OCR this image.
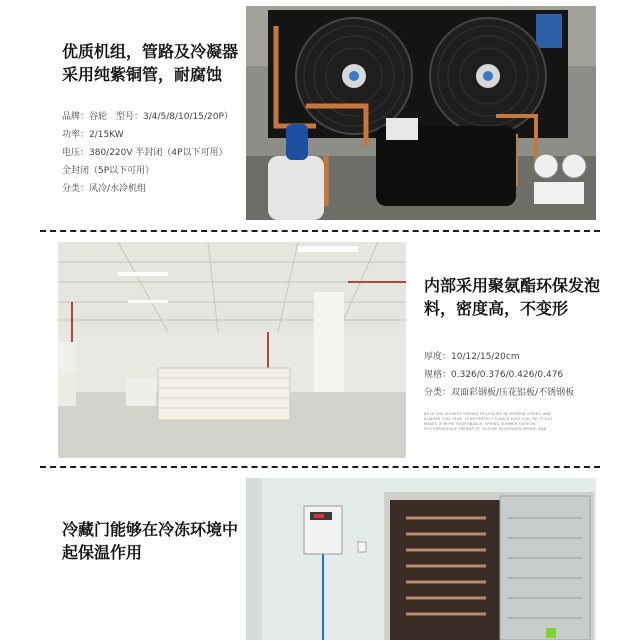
优质机组，管路及冷凝器采用纯紫铜管，耐腐蚀
品牌：谷轮　型号：3/4/5/8/10/15/20P）
功率：2/15KW
电压：380/220V 半封闭（4P以下可用）
全封闭（5P以下可用）
分类：风冷/水冷机组
内部采用聚氨酯环保发泡料，密度高，不变形
厚度：10/12/15/20cm
规格：0.326/0.376/0.426/0.476
分类：双面彩钢板/压花铝板/不锈钢板
BE IN THE HIGHEST TRENDS OF LEISURE IN MODERN SPRING AND
SUMMER THIS YEAR. YOUR PERFECT CHOICE HAVE FUN TRY IT OUT
MAKES IT MORE FASHIONABLE. SPRING SUMMER FASHION
YOU EXPERIENCE TRENDS OF LEISURE IN MODERN SPRING AND
冷藏门能够在冷冻环境中起保温作用
